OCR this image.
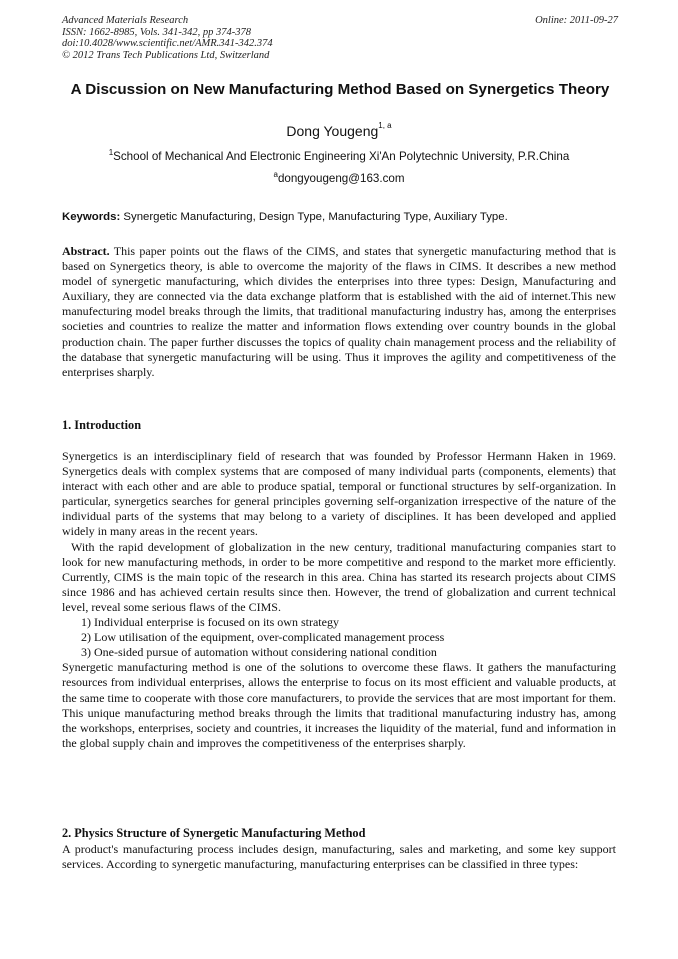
Advanced Materials Research
ISSN: 1662-8985, Vols. 341-342, pp 374-378
doi:10.4028/www.scientific.net/AMR.341-342.374
© 2012 Trans Tech Publications Ltd, Switzerland
Online: 2011-09-27
A Discussion on New Manufacturing Method Based on Synergetics Theory
Dong Yougeng$^{1, a}$
$^1$School of Mechanical And Electronic Engineering Xi'An Polytechnic University, P.R.China
$^a$dongyougeng@163.com
Keywords: Synergetic Manufacturing, Design Type, Manufacturing Type, Auxiliary Type.
Abstract. This paper points out the flaws of the CIMS, and states that synergetic manufacturing method that is based on Synergetics theory, is able to overcome the majority of the flaws in CIMS. It describes a new method model of synergetic manufacturing, which divides the enterprises into three types: Design, Manufacturing and Auxiliary, they are connected via the data exchange platform that is established with the aid of internet.This new manufecturing model breaks through the limits, that traditional manufacturing industry has, among the enterprises societies and countries to realize the matter and information flows extending over country bounds in the global production chain. The paper further discusses the topics of quality chain management process and the reliability of the database that synergetic manufacturing will be using. Thus it improves the agility and competitiveness of the enterprises sharply.
1. Introduction

Synergetics is an interdisciplinary field of research that was founded by Professor Hermann Haken in 1969. Synergetics deals with complex systems that are composed of many individual parts (components, elements) that interact with each other and are able to produce spatial, temporal or functional structures by self-organization. In particular, synergetics searches for general principles governing self-organization irrespective of the nature of the individual parts of the systems that may belong to a variety of disciplines. It has been developed and applied widely in many areas in the recent years.

With the rapid development of globalization in the new century, traditional manufacturing companies start to look for new manufacturing methods, in order to be more competitive and respond to the market more efficiently. Currently, CIMS is the main topic of the research in this area. China has started its research projects about CIMS since 1986 and has achieved certain results since then. However, the trend of globalization and current technical level, reveal some serious flaws of the CIMS.

1) Individual enterprise is focused on its own strategy

2) Low utilisation of the equipment, over-complicated management process

3) One-sided pursue of automation without considering national condition

Synergetic manufacturing method is one of the solutions to overcome these flaws. It gathers the manufacturing resources from individual enterprises, allows the enterprise to focus on its most efficient and valuable products, at the same time to cooperate with those core manufacturers, to provide the services that are most important for them. This unique manufacturing method breaks through the limits that traditional manufacturing industry has, among the workshops, enterprises, society and countries, it increases the liquidity of the material, fund and information in the global supply chain and improves the competitiveness of the enterprises sharply.

2. Physics Structure of Synergetic Manufacturing Method
A product's manufacturing process includes design, manufacturing, sales and marketing, and some key support services. According to synergetic manufacturing, manufacturing enterprises can be classified in three types:
